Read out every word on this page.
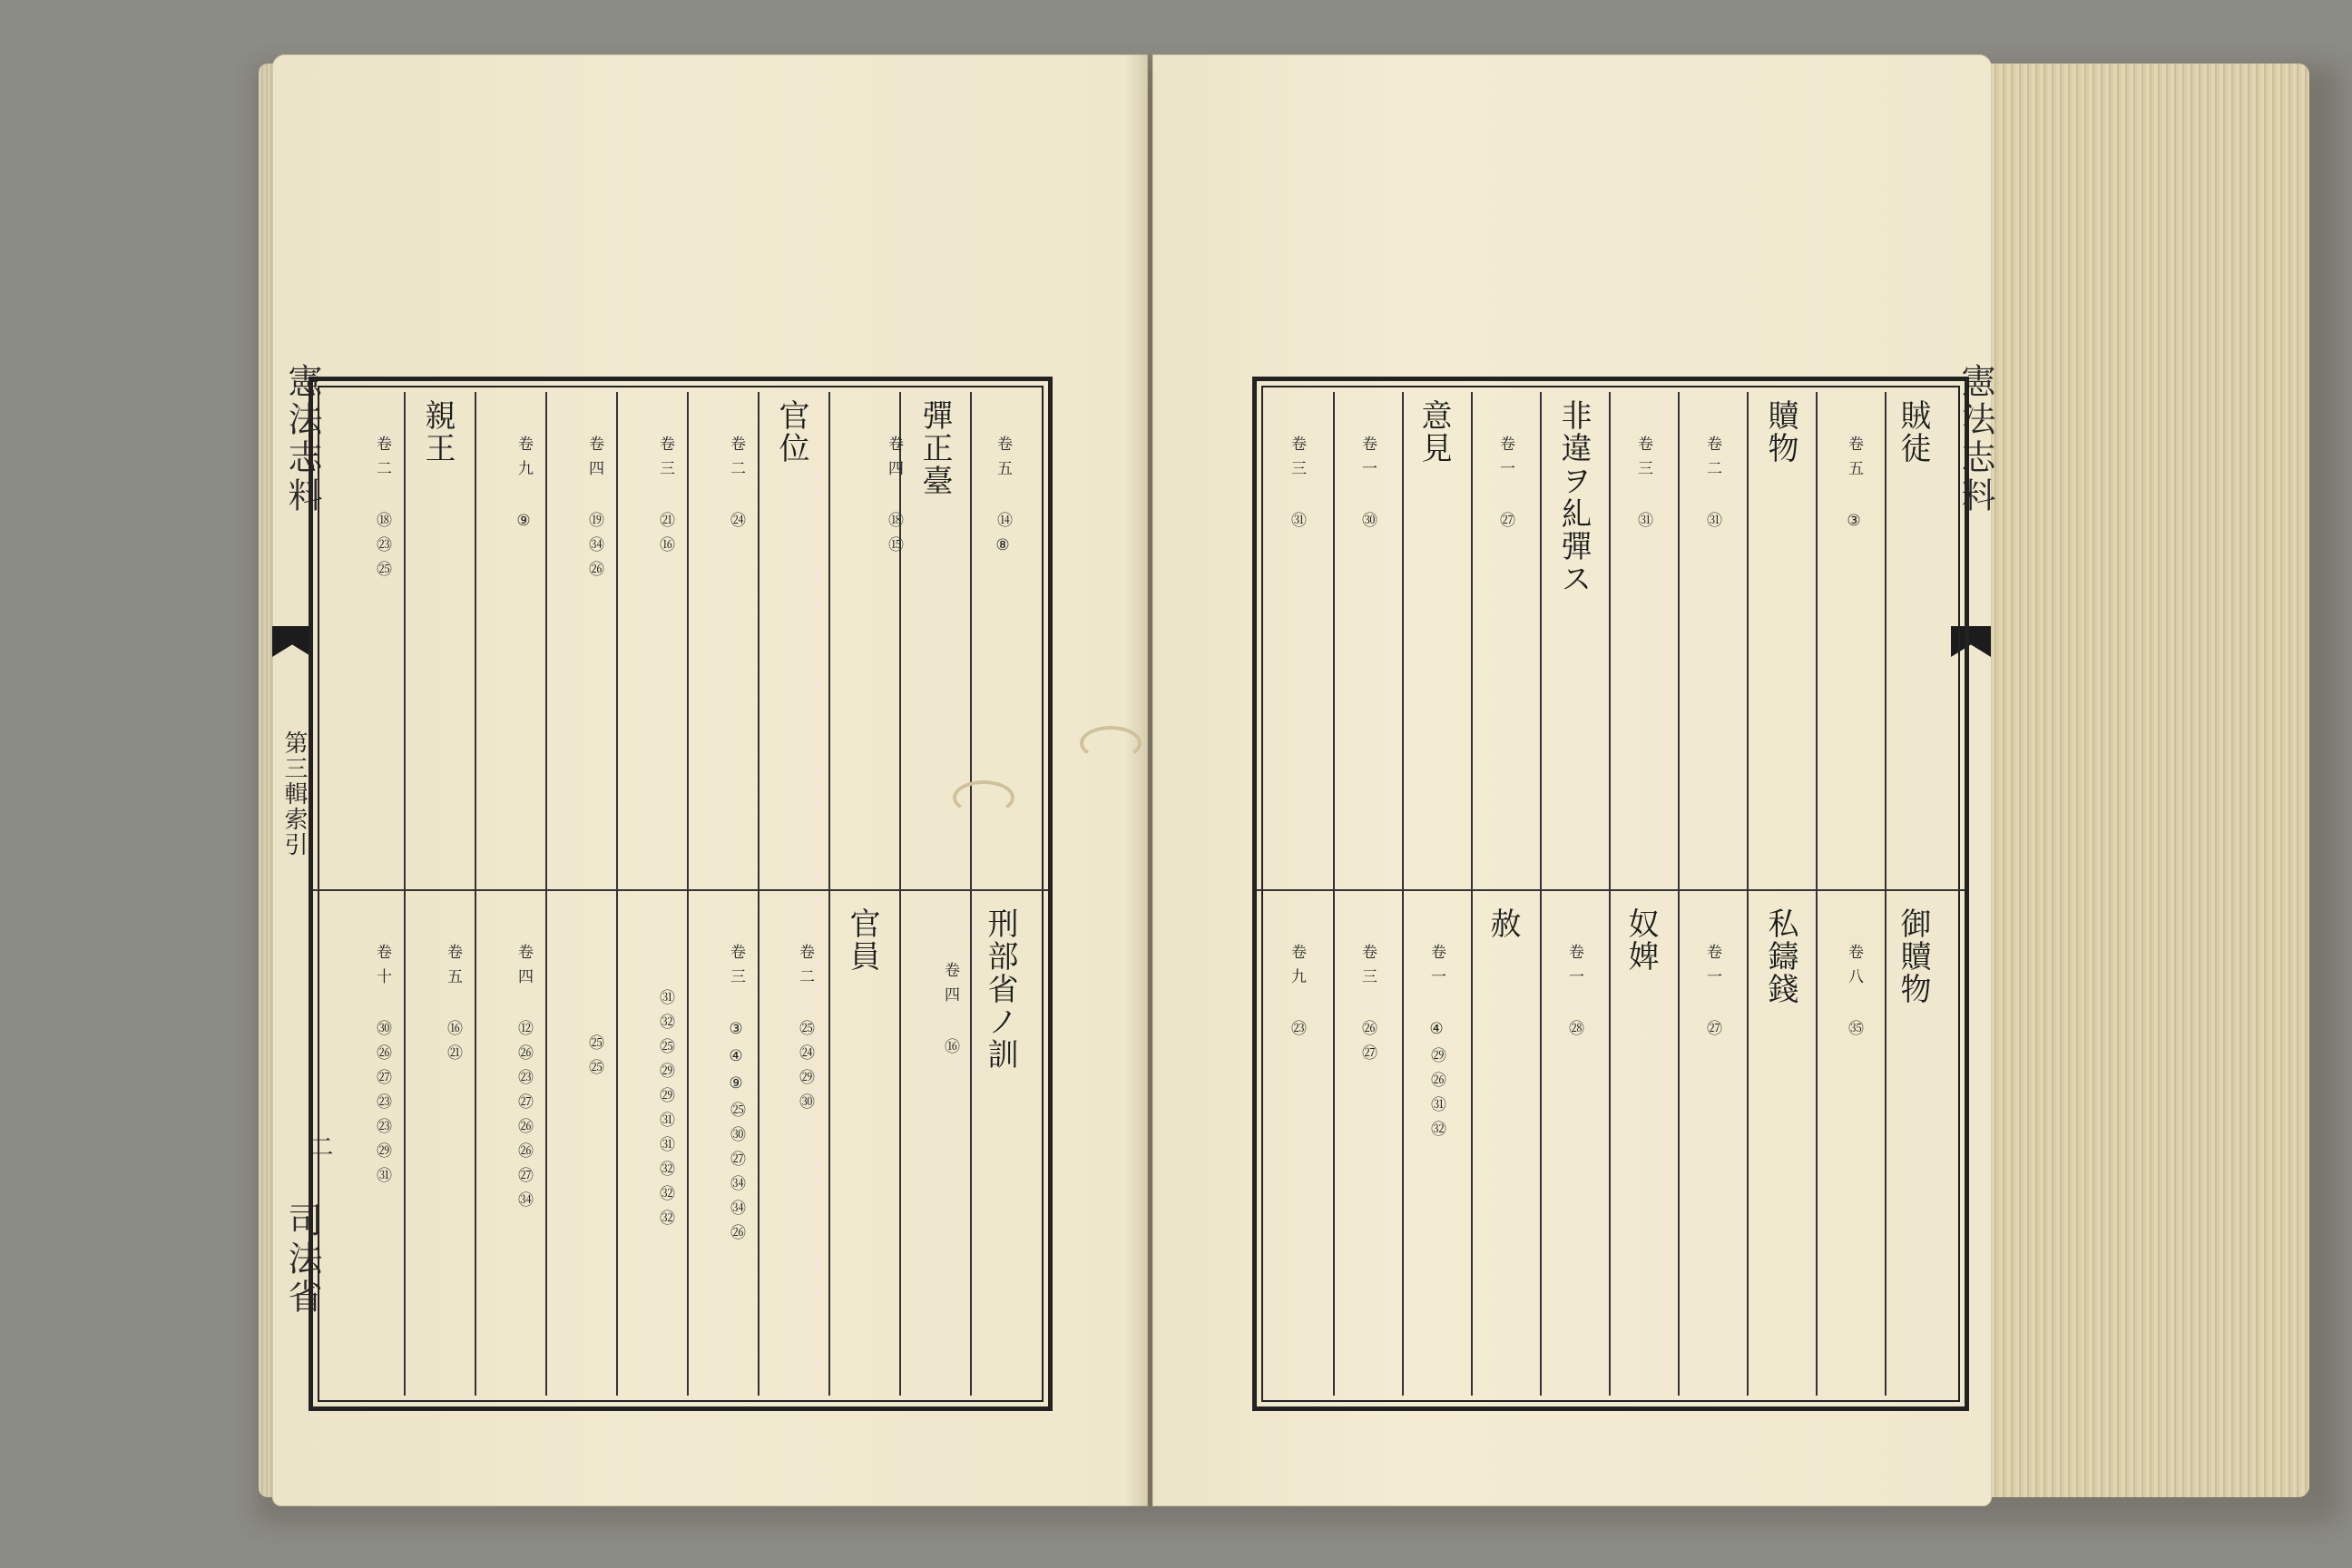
憲法志料
第三輯索引
二
司法省
卷五 ⑭⑧
彈正臺
卷四 ⑱⑮
官位
卷二 ㉔
卷三 ㉑⑯
卷四 ⑲㉞㉖
卷九 ⑨
親王
卷二 ⑱㉓㉕
刑部省ノ訓
卷四 ⑯
官員
卷二 ㉕㉔㉙㉚
卷三 ③④⑨㉕㉚㉗㉞㉞㉖
㉛㉜㉕㉙㉙㉛㉛㉜㉜㉜
㉕㉕
卷四 ⑫㉖㉓㉗㉖㉖㉗㉞
卷五 ⑯㉑
卷十 ㉚㉖㉗㉓㉓㉙㉛
憲法志料
賊徒
卷五 ③
贖物
卷二 ㉛
卷三 ㉛
非違ヲ糺彈ス
卷一 ㉗
意見
卷一 ㉚
卷三 ㉛
御贖物
卷八 ㉟
私鑄錢
卷一 ㉗
奴婢
卷一 ㉘
赦
卷一 ④㉙㉖㉛㉜
卷三 ㉖㉗
卷九 ㉓
